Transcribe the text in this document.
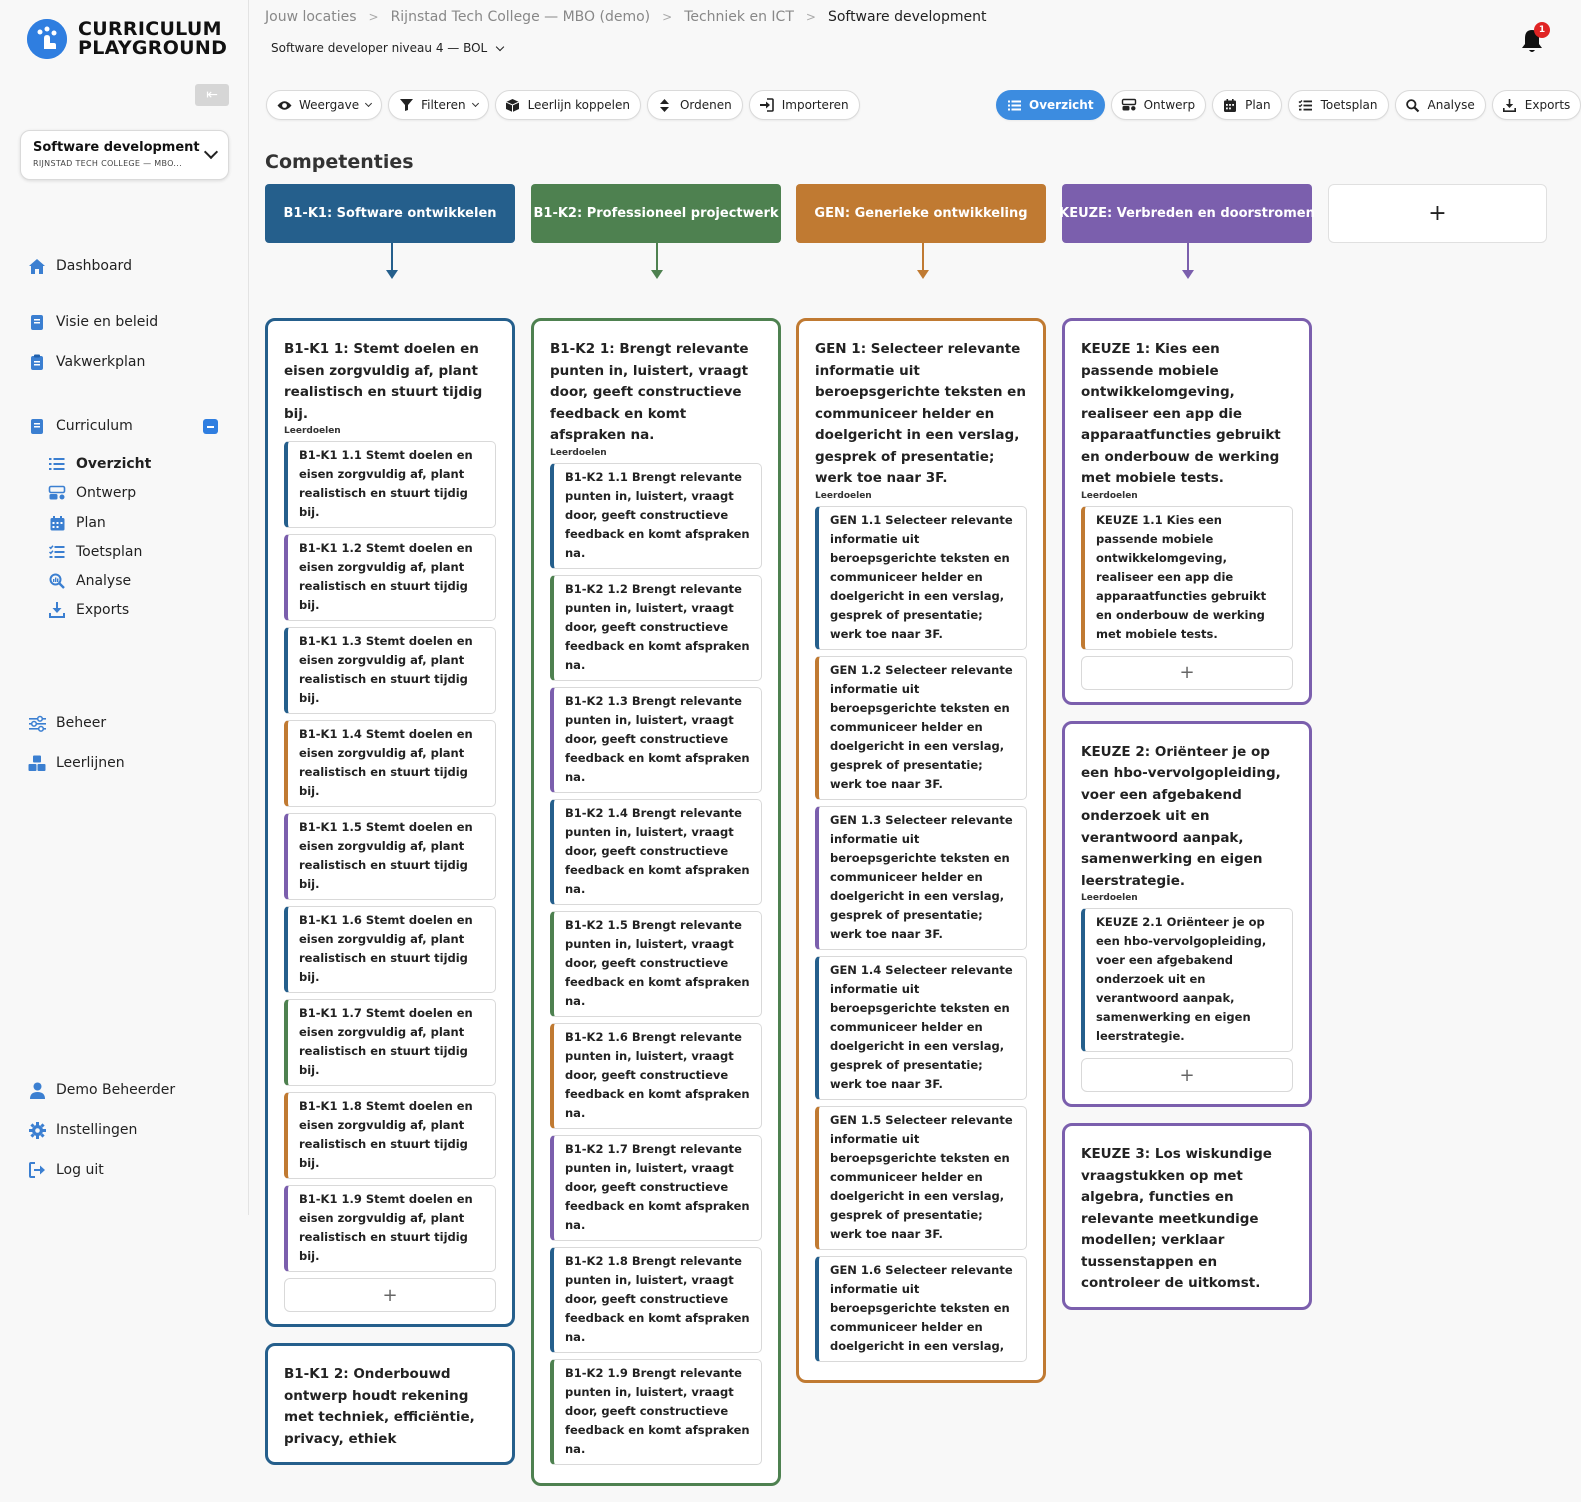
CURRICULUM
PLAYGROUND
⇤
Software development
RIJNSTAD TECH COLLEGE — MBO...
Dashboard
Visie en beleid
Vakwerkplan
Curriculum
Overzicht
Ontwerp
Plan
Toetsplan
Analyse
Exports
Beheer
Leerlijnen
Demo Beheerder
Instellingen
Log uit
Jouw locaties > Rijnstad Tech College — MBO (demo) > Techniek en ICT > Software development
Software developer niveau 4 — BOL
1
Weergave	Filteren	Leerlijn koppelen	Ordenen	Importeren	Overzicht	Ontwerp	Plan	Toetsplan	Analyse	Exports
Competenties
B1-K1: Software ontwikkelen	B1-K2: Professioneel projectwerk	GEN: Generieke ontwikkeling KEUZE: Verbreden en doorstromen	+
B1-K1 1: Stemt doelen en eisen zorgvuldig af, plant realistisch en stuurt tijdig bij.
Leerdoelen
B1-K1 1.1 Stemt doelen en eisen zorgvuldig af, plant realistisch en stuurt tijdig bij.
B1-K1 1.2 Stemt doelen en eisen zorgvuldig af, plant realistisch en stuurt tijdig bij.
B1-K1 1.3 Stemt doelen en eisen zorgvuldig af, plant realistisch en stuurt tijdig bij.
B1-K1 1.4 Stemt doelen en eisen zorgvuldig af, plant realistisch en stuurt tijdig bij.
B1-K1 1.5 Stemt doelen en eisen zorgvuldig af, plant realistisch en stuurt tijdig bij.
B1-K1 1.6 Stemt doelen en eisen zorgvuldig af, plant realistisch en stuurt tijdig bij.
B1-K1 1.7 Stemt doelen en eisen zorgvuldig af, plant realistisch en stuurt tijdig bij.
B1-K1 1.8 Stemt doelen en eisen zorgvuldig af, plant realistisch en stuurt tijdig bij.
B1-K1 1.9 Stemt doelen en eisen zorgvuldig af, plant realistisch en stuurt tijdig bij.
+
B1-K1 2: Onderbouwd ontwerp houdt rekening met techniek, efficiëntie, privacy, ethiek
B1-K2 1: Brengt relevante punten in, luistert, vraagt door, geeft constructieve feedback en komt afspraken na.
Leerdoelen
B1-K2 1.1 Brengt relevante punten in, luistert, vraagt door, geeft constructieve feedback en komt afspraken na.
B1-K2 1.2 Brengt relevante punten in, luistert, vraagt door, geeft constructieve feedback en komt afspraken na.
B1-K2 1.3 Brengt relevante punten in, luistert, vraagt door, geeft constructieve feedback en komt afspraken na.
B1-K2 1.4 Brengt relevante punten in, luistert, vraagt door, geeft constructieve feedback en komt afspraken na.
B1-K2 1.5 Brengt relevante punten in, luistert, vraagt door, geeft constructieve feedback en komt afspraken na.
B1-K2 1.6 Brengt relevante punten in, luistert, vraagt door, geeft constructieve feedback en komt afspraken na.
B1-K2 1.7 Brengt relevante punten in, luistert, vraagt door, geeft constructieve feedback en komt afspraken na.
B1-K2 1.8 Brengt relevante punten in, luistert, vraagt door, geeft constructieve feedback en komt afspraken na.
B1-K2 1.9 Brengt relevante punten in, luistert, vraagt door, geeft constructieve feedback en komt afspraken na.
GEN 1: Selecteer relevante informatie uit beroepsgerichte teksten en communiceer helder en doelgericht in een verslag, gesprek of presentatie; werk toe naar 3F.
Leerdoelen
GEN 1.1 Selecteer relevante informatie uit beroepsgerichte teksten en communiceer helder en doelgericht in een verslag, gesprek of presentatie; werk toe naar 3F.
GEN 1.2 Selecteer relevante informatie uit beroepsgerichte teksten en communiceer helder en doelgericht in een verslag, gesprek of presentatie; werk toe naar 3F.
GEN 1.3 Selecteer relevante informatie uit beroepsgerichte teksten en communiceer helder en doelgericht in een verslag, gesprek of presentatie; werk toe naar 3F.
GEN 1.4 Selecteer relevante informatie uit beroepsgerichte teksten en communiceer helder en doelgericht in een verslag, gesprek of presentatie; werk toe naar 3F.
GEN 1.5 Selecteer relevante informatie uit beroepsgerichte teksten en communiceer helder en doelgericht in een verslag, gesprek of presentatie; werk toe naar 3F.
GEN 1.6 Selecteer relevante informatie uit beroepsgerichte teksten en communiceer helder en doelgericht in een verslag,
KEUZE 1: Kies een passende mobiele ontwikkelomgeving, realiseer een app die apparaatfuncties gebruikt en onderbouw de werking met mobiele tests.
Leerdoelen
KEUZE 1.1 Kies een passende mobiele ontwikkelomgeving, realiseer een app die apparaatfuncties gebruikt en onderbouw de werking met mobiele tests.
+
KEUZE 2: Oriënteer je op een hbo-vervolgopleiding, voer een afgebakend onderzoek uit en verantwoord aanpak, samenwerking en eigen leerstrategie.
Leerdoelen
KEUZE 2.1 Oriënteer je op een hbo-vervolgopleiding, voer een afgebakend onderzoek uit en verantwoord aanpak, samenwerking en eigen leerstrategie.
+
KEUZE 3: Los wiskundige vraagstukken op met algebra, functies en relevante meetkundige modellen; verklaar tussenstappen en controleer de uitkomst.
